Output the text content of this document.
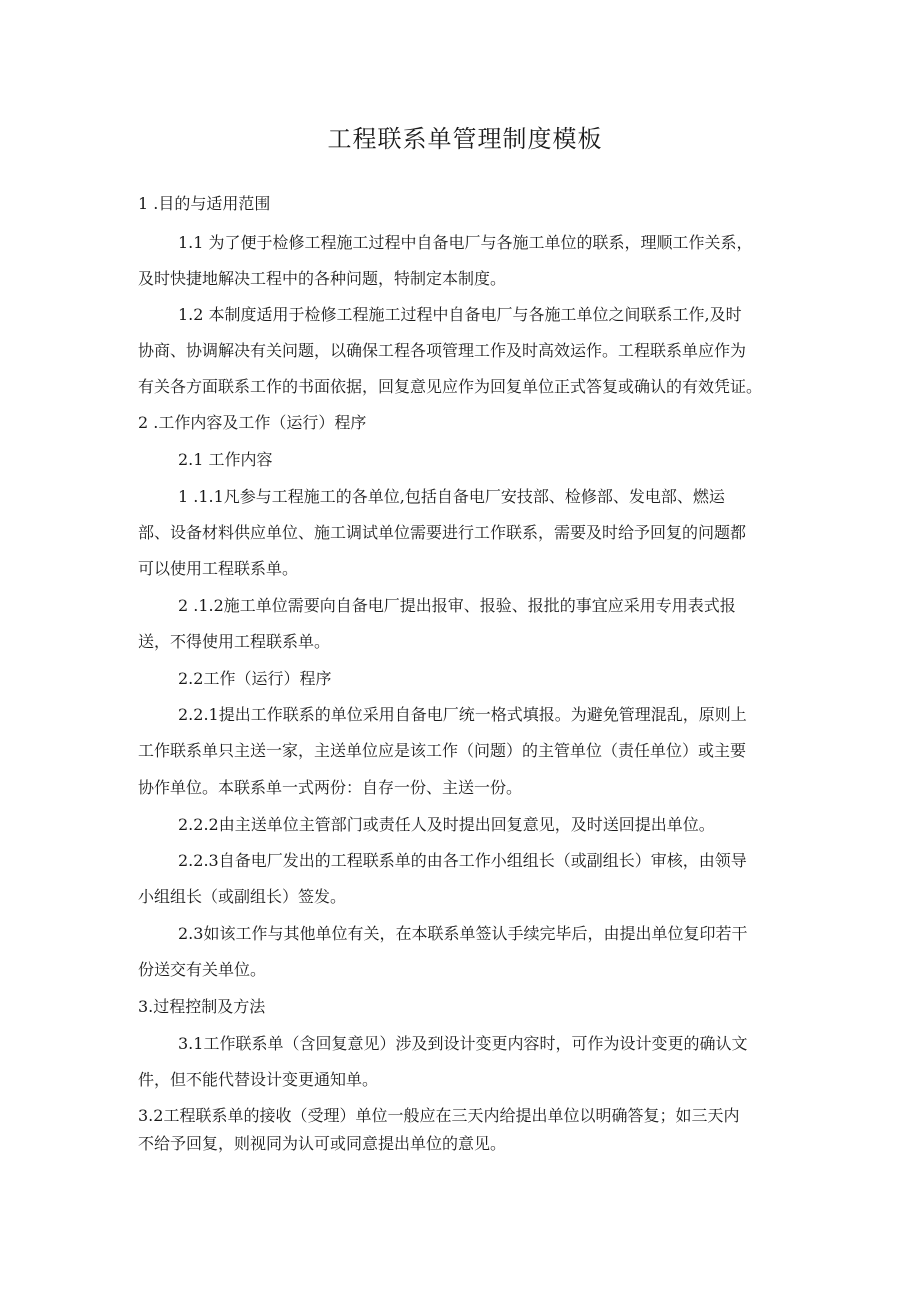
工程联系单管理制度模板

1 .目的与适用范围

1.1 为了便于检修工程施工过程中自备电厂与各施工单位的联系，理顺工作关系，

及时快捷地解决工程中的各种问题，特制定本制度。

1.2 本制度适用于检修工程施工过程中自备电厂与各施工单位之间联系工作,及时

协商、协调解决有关问题，以确保工程各项管理工作及时高效运作。工程联系单应作为

有关各方面联系工作的书面依据，回复意见应作为回复单位正式答复或确认的有效凭证。

2 .工作内容及工作（运行）程序

2.1 工作内容

1 .1.1凡参与工程施工的各单位,包括自备电厂安技部、检修部、发电部、燃运

部、设备材料供应单位、施工调试单位需要进行工作联系，需要及时给予回复的问题都

可以使用工程联系单。

2 .1.2施工单位需要向自备电厂提出报审、报验、报批的事宜应采用专用表式报

送，不得使用工程联系单。

2.2工作（运行）程序

2.2.1提出工作联系的单位采用自备电厂统一格式填报。为避免管理混乱，原则上

工作联系单只主送一家，主送单位应是该工作（问题）的主管单位（责任单位）或主要

协作单位。本联系单一式两份：自存一份、主送一份。

2.2.2由主送单位主管部门或责任人及时提出回复意见，及时送回提出单位。

2.2.3自备电厂发出的工程联系单的由各工作小组组长（或副组长）审核，由领导

小组组长（或副组长）签发。

2.3如该工作与其他单位有关，在本联系单签认手续完毕后，由提出单位复印若干

份送交有关单位。

3.过程控制及方法

3.1工作联系单（含回复意见）涉及到设计变更内容时，可作为设计变更的确认文

件，但不能代替设计变更通知单。

3.2工程联系单的接收（受理）单位一般应在三天内给提出单位以明确答复；如三天内

不给予回复，则视同为认可或同意提出单位的意见。
